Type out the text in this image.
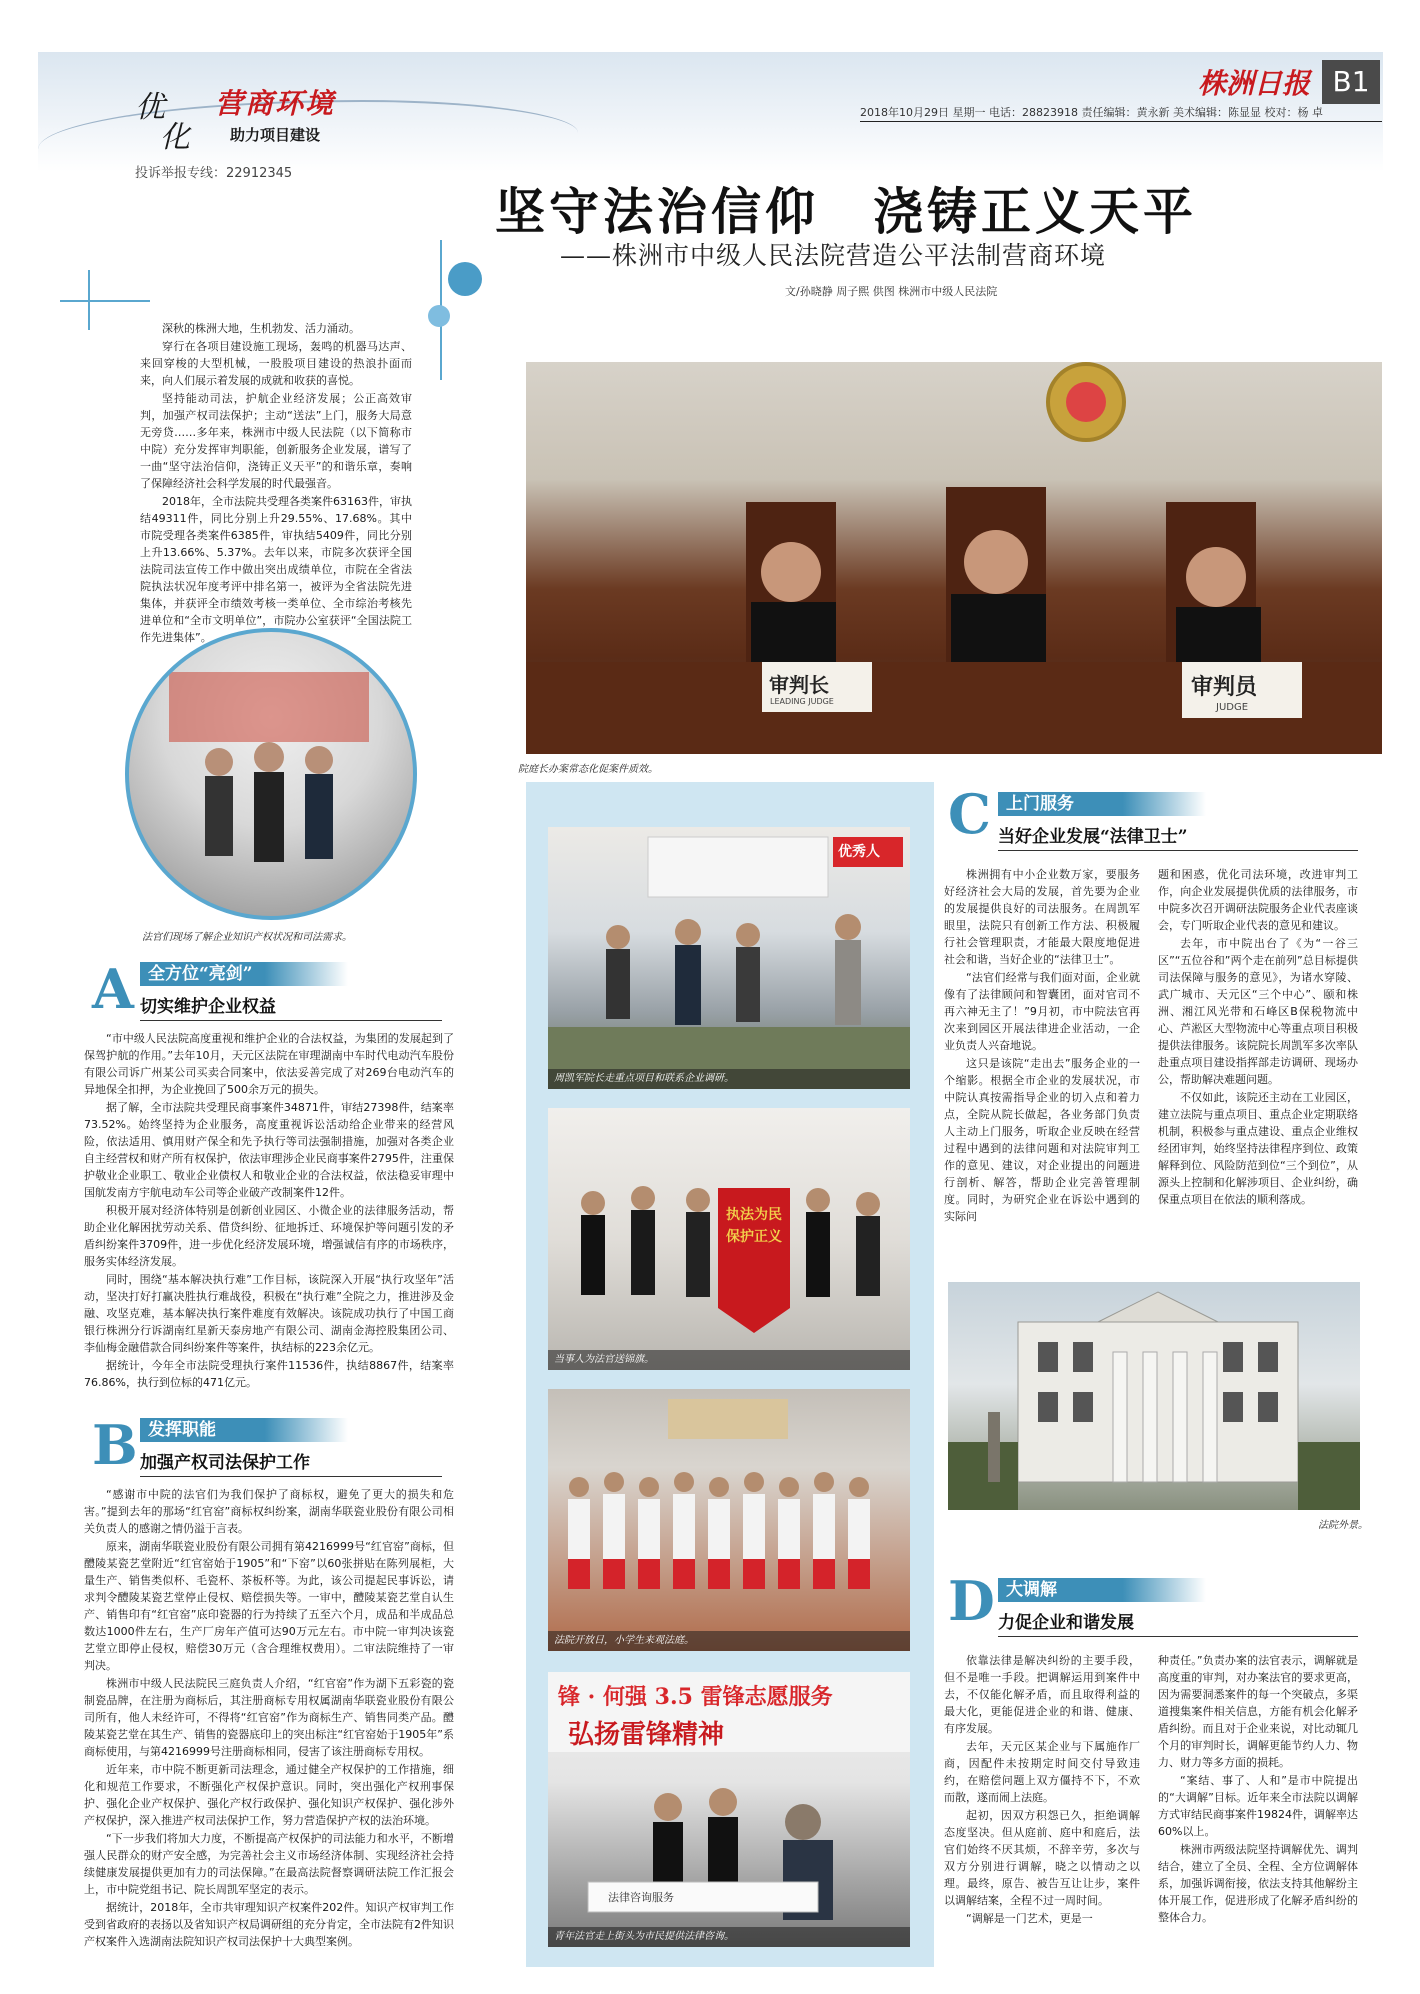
优
化
营商环境
助力项目建设
投诉举报专线：22912345
株洲日报 B1
2018年10月29日 星期一 电话：28823918 责任编辑：黄永新 美术编辑：陈显显 校对：杨 卓
坚守法治信仰　浇铸正义天平
——株洲市中级人民法院营造公平法制营商环境
文/孙晓静 周子熙 供图 株洲市中级人民法院

深秋的株洲大地，生机勃发、活力涌动。

穿行在各项目建设施工现场，轰鸣的机器马达声、来回穿梭的大型机械，一股股项目建设的热浪扑面而来，向人们展示着发展的成就和收获的喜悦。

坚持能动司法，护航企业经济发展；公正高效审判，加强产权司法保护；主动“送法”上门，服务大局意无旁贷……多年来，株洲市中级人民法院（以下简称市中院）充分发挥审判职能，创新服务企业发展，谱写了一曲“坚守法治信仰，浇铸正义天平”的和谐乐章，奏响了保障经济社会科学发展的时代最强音。

2018年，全市法院共受理各类案件63163件，审执结49311件，同比分别上升29.55%、17.68%。其中市院受理各类案件6385件，审执结5409件，同比分别上升13.66%、5.37%。去年以来，市院多次获评全国法院司法宣传工作中做出突出成绩单位，市院在全省法院执法状况年度考评中排名第一，被评为全省法院先进集体，并获评全市绩效考核一类单位、全市综治考核先进单位和“全市文明单位”，市院办公室获评“全国法院工作先进集体”。

审判长
LEADING JUDGE
审判员
JUDGE
院庭长办案常态化促案件质效。
法官们现场了解企业知识产权状况和司法需求。
A 全方位“亮剑”
切实维护企业权益

“市中级人民法院高度重视和维护企业的合法权益，为集团的发展起到了保驾护航的作用。”去年10月，天元区法院在审理湖南中车时代电动汽车股份有限公司诉广州某公司买卖合同案中，依法妥善完成了对269台电动汽车的异地保全扣押，为企业挽回了500余万元的损失。

据了解，全市法院共受理民商事案件34871件，审结27398件，结案率73.52%。始终坚持为企业服务，高度重视诉讼活动给企业带来的经营风险，依法适用、慎用财产保全和先予执行等司法强制措施，加强对各类企业自主经营权和财产所有权保护，依法审理涉企业民商事案件2795件，注重保护敬业企业职工、敬业企业债权人和敬业企业的合法权益，依法稳妥审理中国航发南方宇航电动车公司等企业破产改制案件12件。

积极开展对经济体特别是创新创业园区、小微企业的法律服务活动，帮助企业化解困扰劳动关系、借贷纠纷、征地拆迁、环境保护等问题引发的矛盾纠纷案件3709件，进一步优化经济发展环境，增强诚信有序的市场秩序，服务实体经济发展。

同时，围绕“基本解决执行难”工作目标，该院深入开展“执行攻坚年”活动，坚决打好打赢决胜执行难战役，积极在“执行难”全院之力，推进涉及金融、攻坚克难，基本解决执行案件难度有效解决。该院成功执行了中国工商银行株洲分行诉湖南红星新天泰房地产有限公司、湖南金海控股集团公司、李仙梅金融借款合同纠纷案件等案件，执结标的223余亿元。

据统计，今年全市法院受理执行案件11536件，执结8867件，结案率76.86%，执行到位标的471亿元。

B 发挥职能
加强产权司法保护工作

“感谢市中院的法官们为我们保护了商标权，避免了更大的损失和危害。”提到去年的那场“红官窑”商标权纠纷案，湖南华联瓷业股份有限公司相关负责人的感谢之情仍溢于言表。

原来，湖南华联瓷业股份有限公司拥有第4216999号“红官窑”商标，但醴陵某瓷艺堂附近“红官窑始于1905”和“下窑”以60张拼贴在陈列展柜，大量生产、销售类似杯、毛瓷杯、茶板杯等。为此，该公司提起民事诉讼，请求判令醴陵某瓷艺堂停止侵权、赔偿损失等。一审中，醴陵某瓷艺堂自认生产、销售印有“红官窑”底印瓷器的行为持续了五至六个月，成品和半成品总数达1000件左右，生产厂房年产值可达90万元左右。市中院一审判决该瓷艺堂立即停止侵权，赔偿30万元（含合理维权费用）。二审法院维持了一审判决。

株洲市中级人民法院民三庭负责人介绍，“红官窑”作为湖下五彩瓷的瓷制瓷品牌，在注册为商标后，其注册商标专用权属湖南华联瓷业股份有限公司所有，他人未经许可，不得将“红官窑”作为商标生产、销售同类产品。醴陵某瓷艺堂在其生产、销售的瓷器底印上的突出标注“红官窑始于1905年”系商标使用，与第4216999号注册商标相同，侵害了该注册商标专用权。

近年来，市中院不断更新司法理念，通过健全产权保护的工作措施，细化和规范工作要求，不断强化产权保护意识。同时，突出强化产权刑事保护、强化企业产权保护、强化产权行政保护、强化知识产权保护、强化涉外产权保护，深入推进产权司法保护工作，努力营造保护产权的法治环境。

“下一步我们将加大力度，不断提高产权保护的司法能力和水平，不断增强人民群众的财产安全感，为完善社会主义市场经济体制、实现经济社会持续健康发展提供更加有力的司法保障。”在最高法院督察调研法院工作汇报会上，市中院党组书记、院长周凯军坚定的表示。

据统计，2018年，全市共审理知识产权案件202件。知识产权审判工作受到省政府的表扬以及省知识产权局调研组的充分肯定，全市法院有2件知识产权案件入选湖南法院知识产权司法保护十大典型案例。

优秀人
周凯军院长走重点项目和联系企业调研。
执法为民 保护正义
当事人为法官送锦旗。
法院开放日，小学生来观法庭。
锋 · 何强 3.5 雷锋志愿服务
弘扬雷锋精神
法律咨询服务
青年法官走上街头为市民提供法律咨询。
C 上门服务
当好企业发展“法律卫士”

株洲拥有中小企业数万家，要服务好经济社会大局的发展，首先要为企业的发展提供良好的司法服务。在周凯军眼里，法院只有创新工作方法、积极履行社会管理职责，才能最大限度地促进社会和谐，当好企业的“法律卫士”。

“法官们经常与我们面对面，企业就像有了法律顾问和智囊团，面对官司不再六神无主了！”9月初，市中院法官再次来到园区开展法律进企业活动，一企业负责人兴奋地说。

这只是该院“走出去”服务企业的一个缩影。根据全市企业的发展状况，市中院认真按需指导企业的切入点和着力点，全院从院长做起，各业务部门负责人主动上门服务，听取企业反映在经营过程中遇到的法律问题和对法院审判工作的意见、建议，对企业提出的问题进行剖析、解答，帮助企业完善管理制度。同时，为研究企业在诉讼中遇到的实际问

题和困惑，优化司法环境，改进审判工作，向企业发展提供优质的法律服务，市中院多次召开调研法院服务企业代表座谈会，专门听取企业代表的意见和建议。

去年，市中院出台了《为“一谷三区”“五位谷和”两个走在前列”总目标提供司法保障与服务的意见》，为诸水穿陵、武广城市、天元区“三个中心”、颐和株洲、湘江风光带和石峰区B保税物流中心、芦淞区大型物流中心等重点项目积极提供法律服务。该院院长周凯军多次率队赴重点项目建设指挥部走访调研、现场办公，帮助解决难题问题。

不仅如此，该院还主动在工业园区，建立法院与重点项目、重点企业定期联络机制，积极参与重点建设、重点企业维权经团审判，始终坚持法律程序到位、政策解释到位、风险防范到位“三个到位”，从源头上控制和化解涉项目、企业纠纷，确保重点项目在依法的顺利落成。

法院外景。
D 大调解
力促企业和谐发展

依靠法律是解决纠纷的主要手段，但不是唯一手段。把调解运用到案件中去，不仅能化解矛盾，而且取得利益的最大化，更能促进企业的和谐、健康、有序发展。

去年，天元区某企业与下属施作厂商，因配件未按期定时间交付导致违约，在赔偿问题上双方僵持不下，不欢而散，遂而闹上法庭。

起初，因双方积怨已久，拒绝调解态度坚决。但从庭前、庭中和庭后，法官们始终不厌其烦，不辞辛劳，多次与双方分别进行调解，晓之以情动之以理。最终，原告、被告互让让步，案件以调解结案，全程不过一周时间。

“调解是一门艺术，更是一

种责任。”负责办案的法官表示，调解就是高度重的审判，对办案法官的要求更高，因为需要洞悉案件的每一个突破点，多渠道搜集案件相关信息，方能有机会化解矛盾纠纷。而且对于企业来说，对比动辄几个月的审判时长，调解更能节约人力、物力、财力等多方面的损耗。

“案结、事了、人和”是市中院提出的“大调解”目标。近年来全市法院以调解方式审结民商事案件19824件，调解率达60%以上。

株洲市两级法院坚持调解优先、调判结合，建立了全员、全程、全方位调解体系，加强诉调衔接，依法支持其他解纷主体开展工作，促进形成了化解矛盾纠纷的整体合力。
